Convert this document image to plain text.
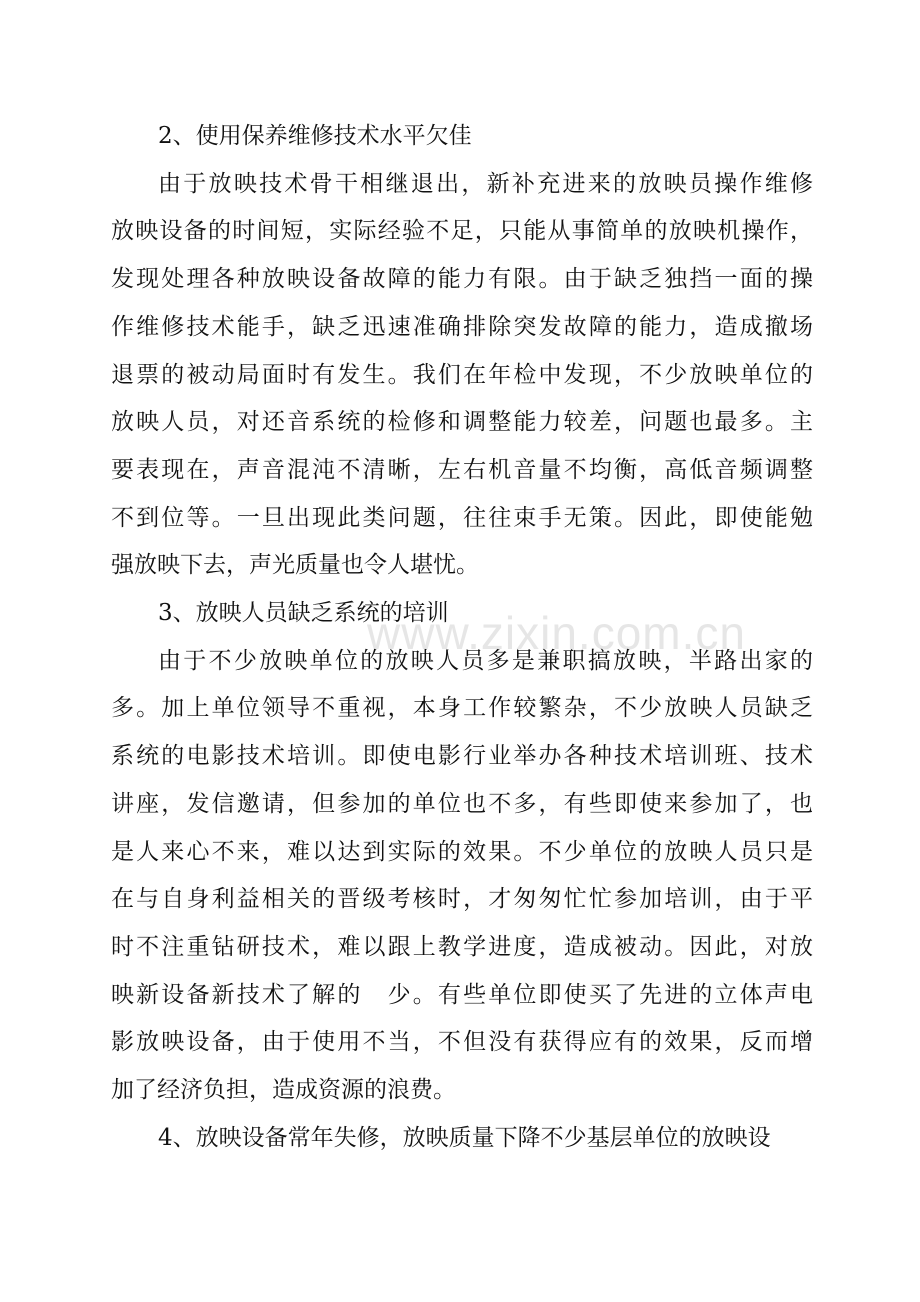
www.zixin.com.cn

2、使用保养维修技术水平欠佳

由于放映技术骨干相继退出，新补充进来的放映员操作维修
放映设备的时间短，实际经验不足，只能从事简单的放映机操作，
发现处理各种放映设备故障的能力有限。由于缺乏独挡一面的操
作维修技术能手，缺乏迅速准确排除突发故障的能力，造成撤场
退票的被动局面时有发生。我们在年检中发现，不少放映单位的
放映人员，对还音系统的检修和调整能力较差，问题也最多。主
要表现在，声音混沌不清晰，左右机音量不均衡，高低音频调整
不到位等。一旦出现此类问题，往往束手无策。因此，即使能勉
强放映下去，声光质量也令人堪忧。

3、放映人员缺乏系统的培训

由于不少放映单位的放映人员多是兼职搞放映，半路出家的
多。加上单位领导不重视，本身工作较繁杂，不少放映人员缺乏
系统的电影技术培训。即使电影行业举办各种技术培训班、技术
讲座，发信邀请，但参加的单位也不多，有些即使来参加了，也
是人来心不来，难以达到实际的效果。不少单位的放映人员只是
在与自身利益相关的晋级考核时，才匆匆忙忙参加培训，由于平
时不注重钻研技术，难以跟上教学进度，造成被动。因此，对放
映新设备新技术了解的　少。有些单位即使买了先进的立体声电
影放映设备，由于使用不当，不但没有获得应有的效果，反而增
加了经济负担，造成资源的浪费。

4、放映设备常年失修，放映质量下降不少基层单位的放映设
